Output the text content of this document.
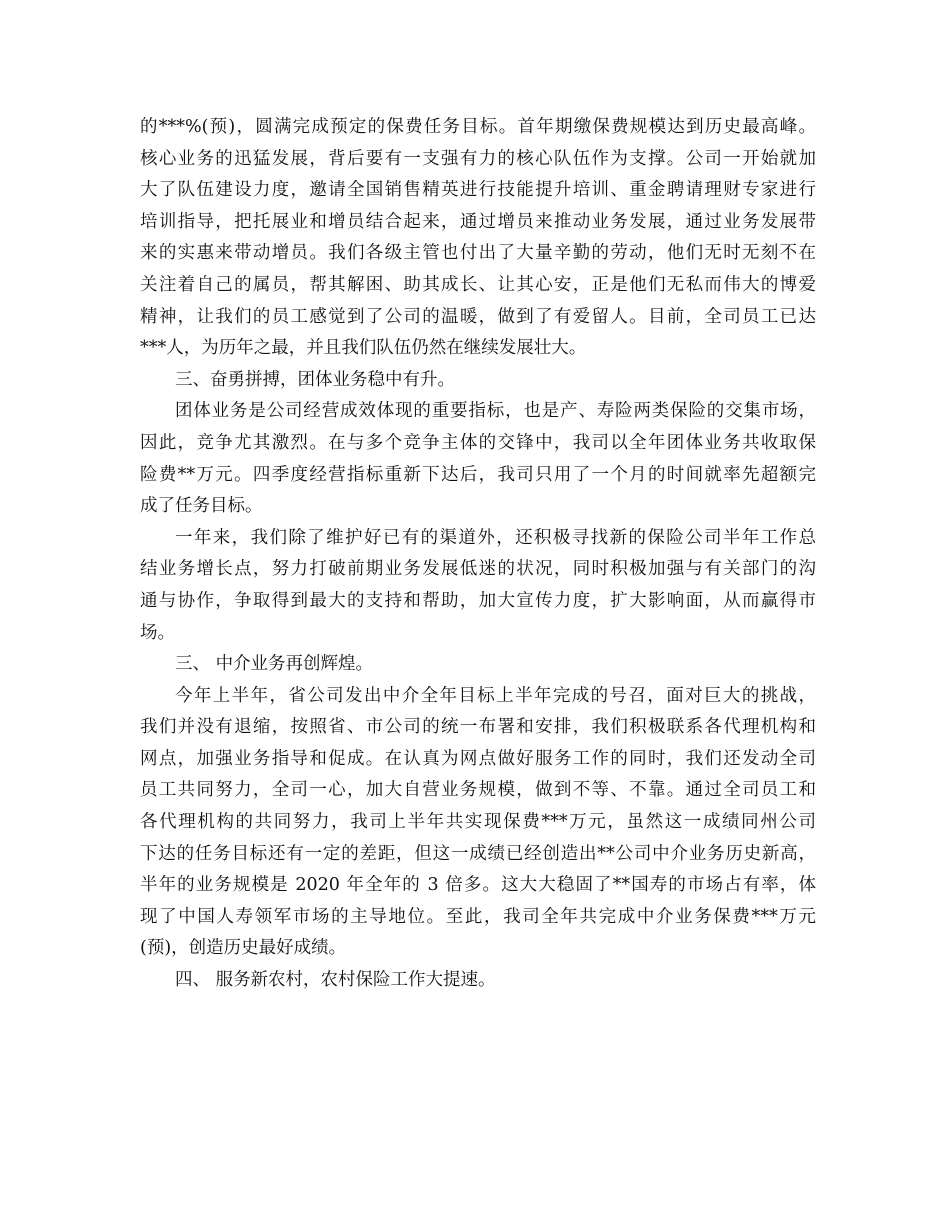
的***%(预)，圆满完成预定的保费任务目标。首年期缴保费规模达到历史最高峰。
核心业务的迅猛发展，背后要有一支强有力的核心队伍作为支撑。公司一开始就加
大了队伍建设力度，邀请全国销售精英进行技能提升培训、重金聘请理财专家进行
培训指导，把托展业和增员结合起来，通过增员来推动业务发展，通过业务发展带
来的实惠来带动增员。我们各级主管也付出了大量辛勤的劳动，他们无时无刻不在
关注着自己的属员，帮其解困、助其成长、让其心安，正是他们无私而伟大的博爱
精神，让我们的员工感觉到了公司的温暖，做到了有爱留人。目前，全司员工已达
***人，为历年之最，并且我们队伍仍然在继续发展壮大。
三、奋勇拼搏，团体业务稳中有升。
团体业务是公司经营成效体现的重要指标，也是产、寿险两类保险的交集市场，
因此，竞争尤其激烈。在与多个竞争主体的交锋中，我司以全年团体业务共收取保
险费**万元。四季度经营指标重新下达后，我司只用了一个月的时间就率先超额完
成了任务目标。
一年来，我们除了维护好已有的渠道外，还积极寻找新的保险公司半年工作总
结业务增长点，努力打破前期业务发展低迷的状况，同时积极加强与有关部门的沟
通与协作，争取得到最大的支持和帮助，加大宣传力度，扩大影响面，从而赢得市
场。
三、 中介业务再创辉煌。
今年上半年，省公司发出中介全年目标上半年完成的号召，面对巨大的挑战，
我们并没有退缩，按照省、市公司的统一布署和安排，我们积极联系各代理机构和
网点，加强业务指导和促成。在认真为网点做好服务工作的同时，我们还发动全司
员工共同努力，全司一心，加大自营业务规模，做到不等、不靠。通过全司员工和
各代理机构的共同努力，我司上半年共实现保费***万元，虽然这一成绩同州公司
下达的任务目标还有一定的差距，但这一成绩已经创造出**公司中介业务历史新高，
半年的业务规模是 2020 年全年的 3 倍多。这大大稳固了**国寿的市场占有率，体
现了中国人寿领军市场的主导地位。至此，我司全年共完成中介业务保费***万元
(预)，创造历史最好成绩。
四、 服务新农村，农村保险工作大提速。
